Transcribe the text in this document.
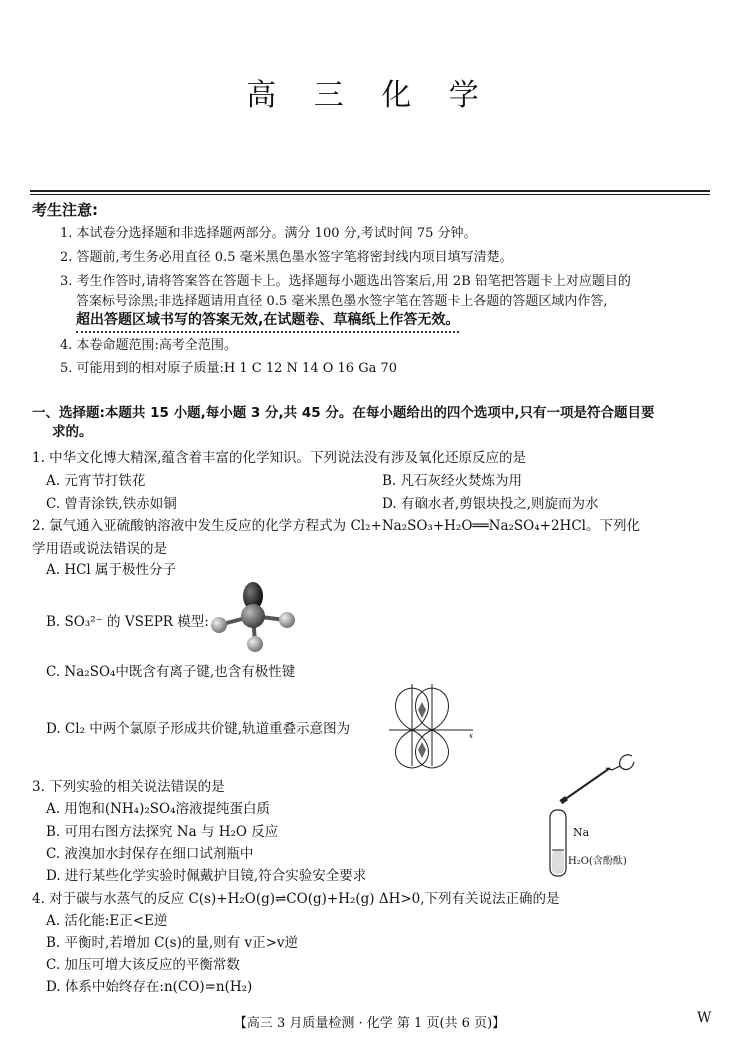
高 三 化 学
考生注意:
1. 本试卷分选择题和非选择题两部分。满分 100 分,考试时间 75 分钟。
2. 答题前,考生务必用直径 0.5 毫米黑色墨水签字笔将密封线内项目填写清楚。
3. 考生作答时,请将答案答在答题卡上。选择题每小题选出答案后,用 2B 铅笔把答题卡上对应题目的
答案标号涂黑;非选择题请用直径 0.5 毫米黑色墨水签字笔在答题卡上各题的答题区域内作答,
超出答题区域书写的答案无效,在试题卷、草稿纸上作答无效。
4. 本卷命题范围:高考全范围。
5. 可能用到的相对原子质量:H 1 C 12 N 14 O 16 Ga 70
一、选择题:本题共 15 小题,每小题 3 分,共 45 分。在每小题给出的四个选项中,只有一项是符合题目要
求的。
1. 中华文化博大精深,蕴含着丰富的化学知识。下列说法没有涉及氧化还原反应的是
A. 元宵节打铁花	B. 凡石灰经火焚炼为用
C. 曾青涂铁,铁赤如铜	D. 有硇水者,剪银块投之,则旋而为水
2. 氯气通入亚硫酸钠溶液中发生反应的化学方程式为 Cl₂+Na₂SO₃+H₂O══Na₂SO₄+2HCl。下列化
学用语或说法错误的是
A. HCl 属于极性分子
B. SO₃²⁻ 的 VSEPR 模型:
C. Na₂SO₄中既含有离子键,也含有极性键
D. Cl₂ 中两个氯原子形成共价键,轨道重叠示意图为	x
3. 下列实验的相关说法错误的是
A. 用饱和(NH₄)₂SO₄溶液提纯蛋白质
B. 可用右图方法探究 Na 与 H₂O 反应
C. 液溴加水封保存在细口试剂瓶中
D. 进行某些化学实验时佩戴护目镜,符合实验安全要求
Na
H₂O(含酚酞)
4. 对于碳与水蒸气的反应 C(s)+H₂O(g)⇌CO(g)+H₂(g) ΔH>0,下列有关说法正确的是
A. 活化能:E正<E逆
B. 平衡时,若增加 C(s)的量,则有 v正>v逆
C. 加压可增大该反应的平衡常数
D. 体系中始终存在:n(CO)=n(H₂)
【高三 3 月质量检测 · 化学 第 1 页(共 6 页)】	W
